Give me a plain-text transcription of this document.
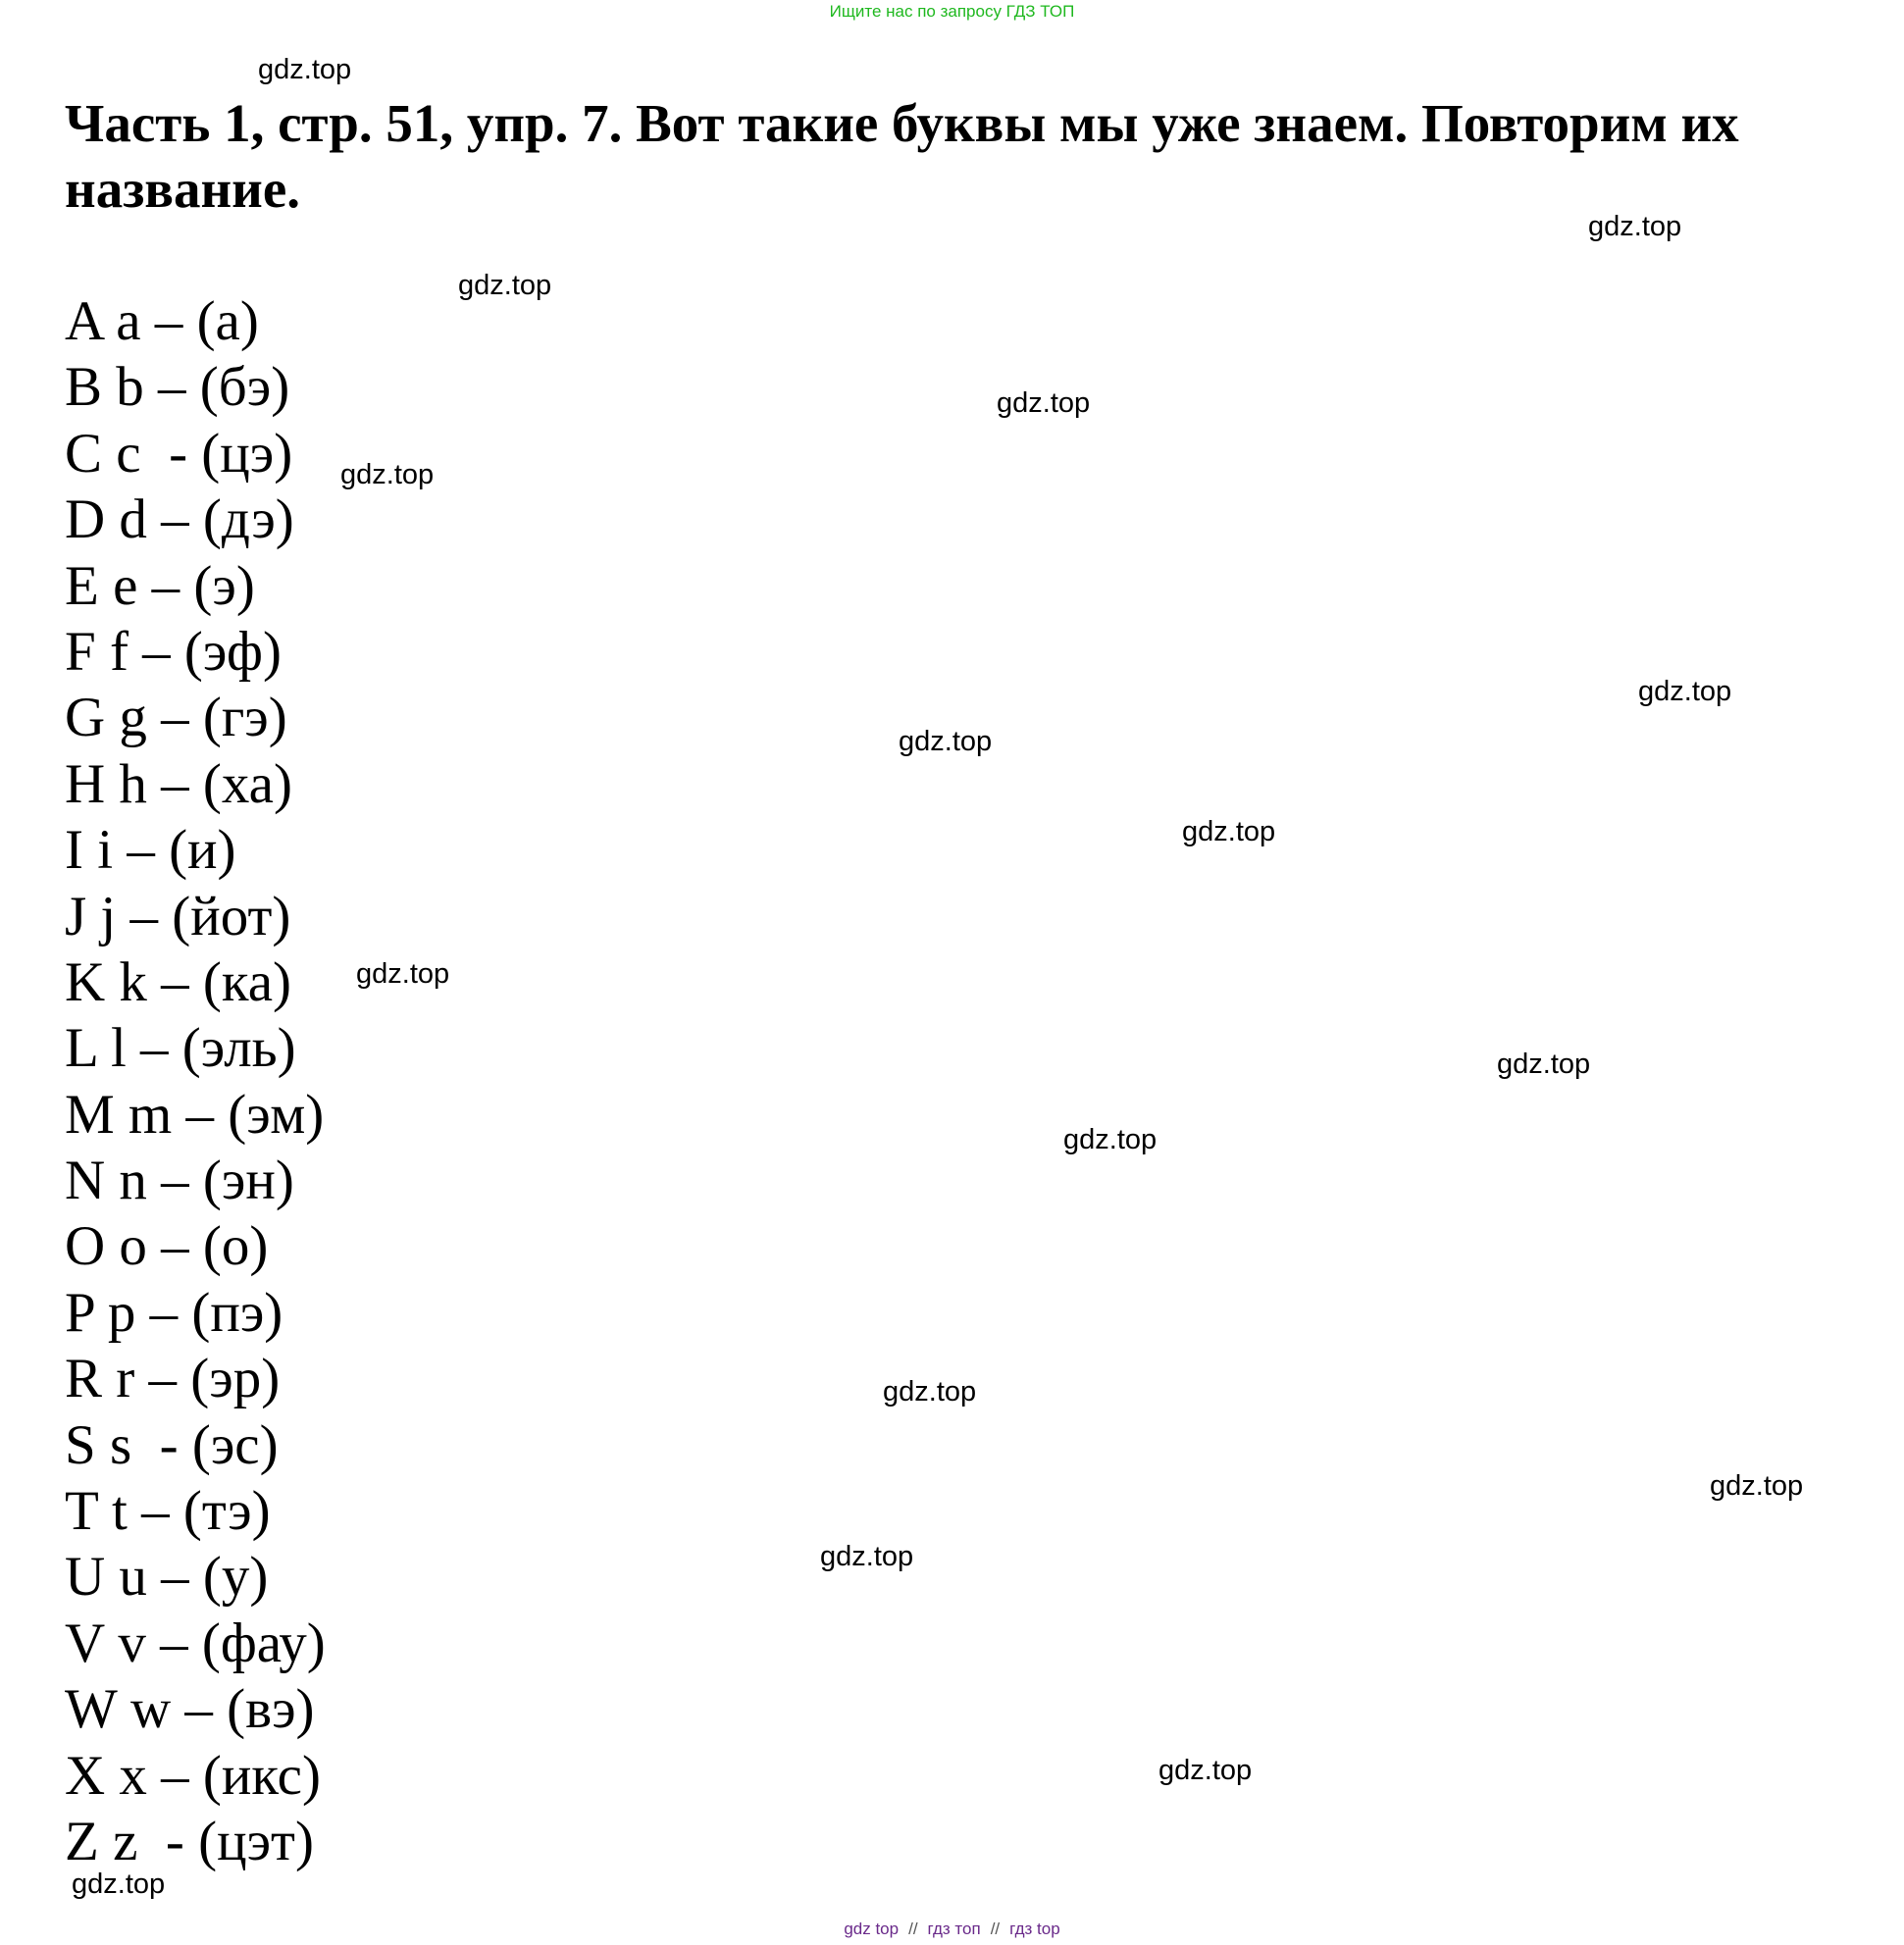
Ищите нас по запросу ГДЗ ТОП
Часть 1, стр. 51, упр. 7. Вот такие буквы мы уже знаем. Повторим их название.
A a – (а)
B b – (бэ)
C c  - (цэ)
D d – (дэ)
E e – (э)
F f – (эф)
G g – (гэ)
H h – (ха)
I i – (и)
J j – (йот)
K k – (ка)
L l – (эль)
M m – (эм)
N n – (эн)
O o – (о)
P p – (пэ)
R r – (эр)
S s  - (эс)
T t – (тэ)
U u – (у)
V v – (фау)
W w – (вэ)
X x – (икс)
Z z  - (цэт)
gdz.top
gdz.top
gdz.top
gdz.top
gdz.top
gdz.top
gdz.top
gdz.top
gdz.top
gdz.top
gdz.top
gdz.top
gdz.top
gdz.top
gdz.top
gdz.top
gdz top // гдз топ // гдз top
